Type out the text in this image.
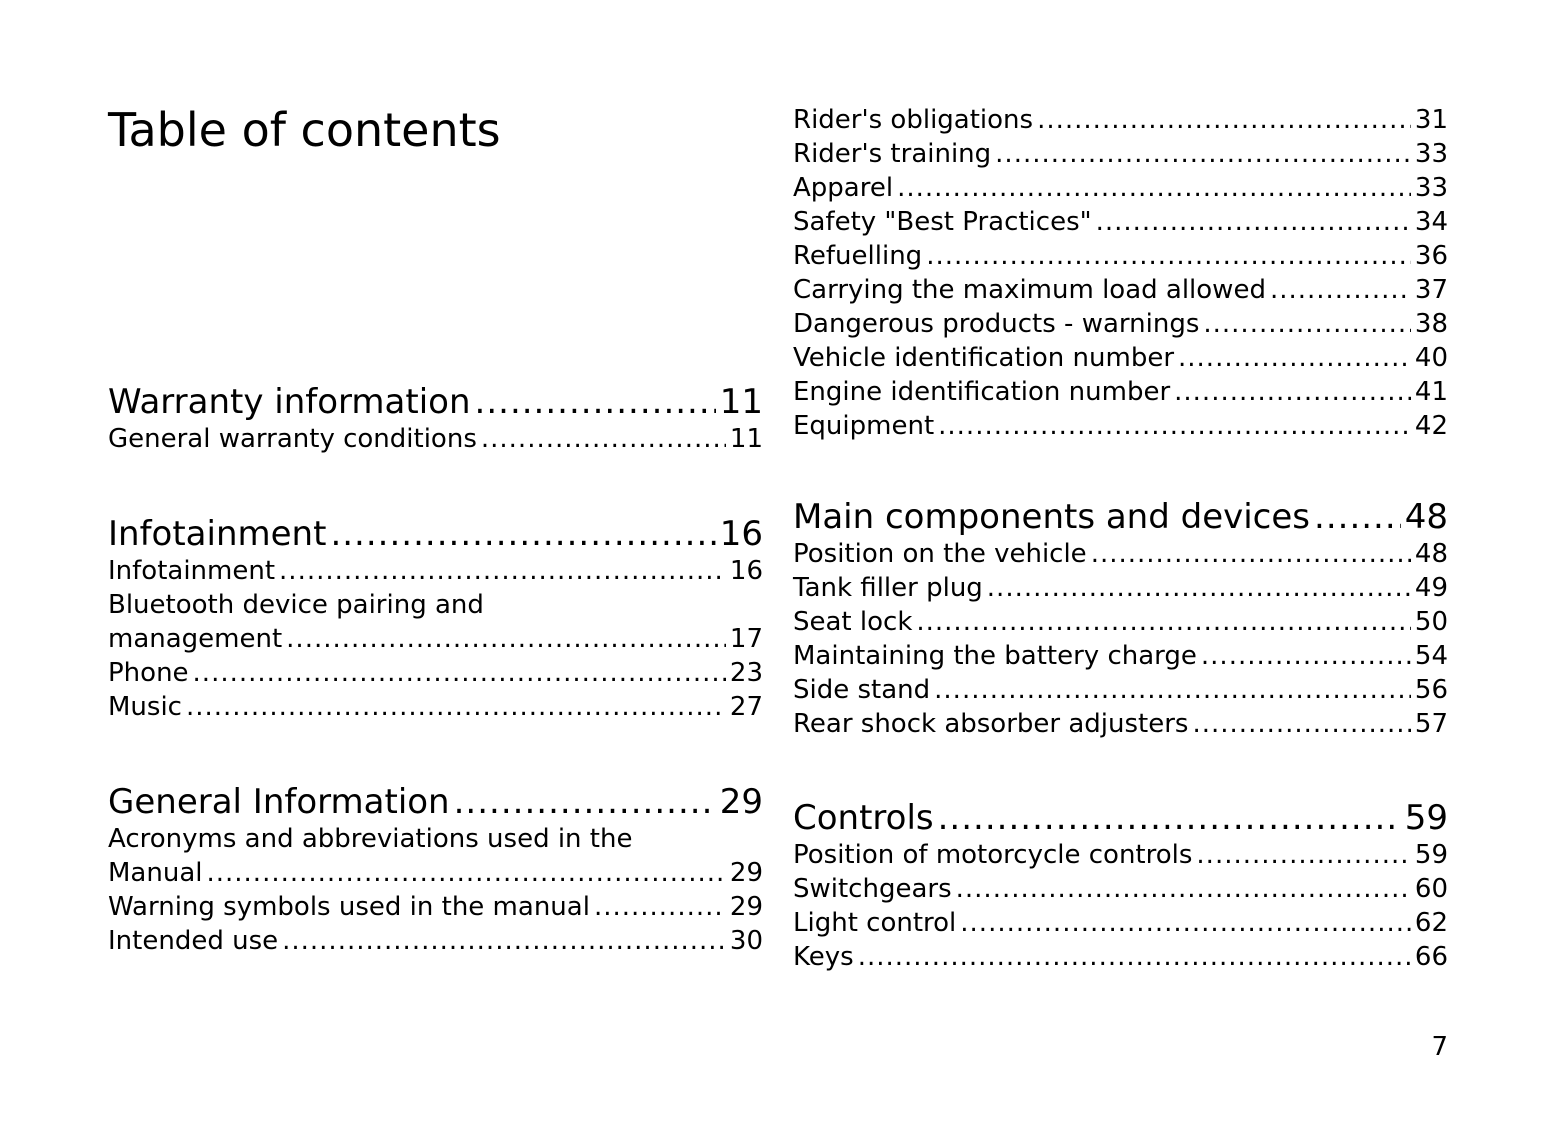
Table of contents
Warranty information .....	11
General warranty conditions .....	11
Infotainment .....	16
Infotainment .....	16
Bluetooth device pairing and
management .....	17
Phone .....	23
Music .....	27
General Information .....	29
Acronyms and abbreviations used in the
Manual .....	29
Warning symbols used in the manual .....	29
Intended use .....	30
Rider's obligations .....	31
Rider's training .....	33
Apparel .....	33
Safety "Best Practices" .....	34
Refuelling .....	36
Carrying the maximum load allowed .....	37
Dangerous products - warnings .....	38
Vehicle identification number .....	40
Engine identification number .....	41
Equipment .....	42
Main components and devices .....	48
Position on the vehicle .....	48
Tank filler plug .....	49
Seat lock .....	50
Maintaining the battery charge .....	54
Side stand .....	56
Rear shock absorber adjusters .....	57
Controls .....	59
Position of motorcycle controls .....	59
Switchgears .....	60
Light control .....	62
Keys .....	66
7
